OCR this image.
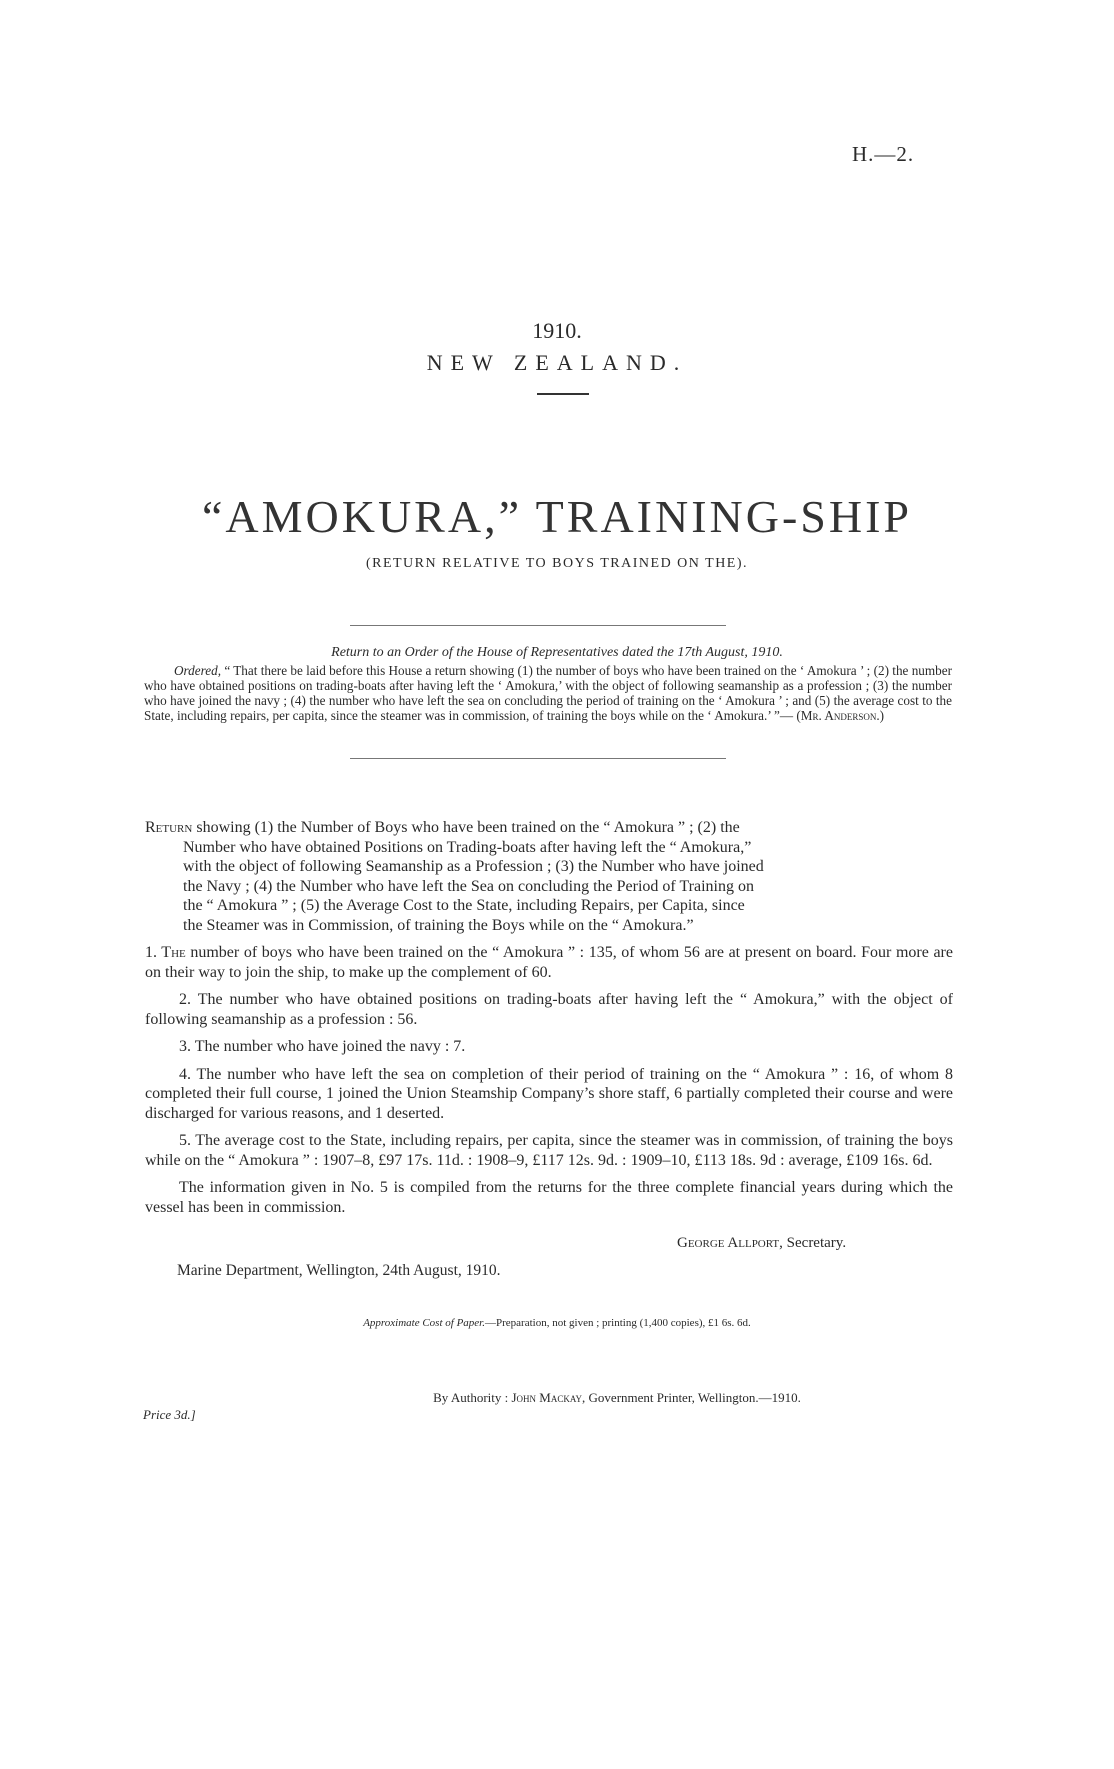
H.—2.
1910.
NEW ZEALAND.
“AMOKURA,” TRAINING-SHIP
(RETURN RELATIVE TO BOYS TRAINED ON THE).
Return to an Order of the House of Representatives dated the 17th August, 1910.
Ordered, “ That there be laid before this House a return showing (1) the number of boys who have been trained on the ‘ Amokura ’ ; (2) the number who have obtained positions on trading-boats after having left the ‘ Amokura,’ with the object of following seamanship as a profession ; (3) the number who have joined the navy ; (4) the number who have left the sea on concluding the period of training on the ‘ Amokura ’ ; and (5) the average cost to the State, including repairs, per capita, since the steamer was in commission, of training the boys while on the ‘ Amokura.’ ”— (Mr. Anderson.)
Return showing (1) the Number of Boys who have been trained on the “ Amokura ” ; (2) the
Number who have obtained Positions on Trading-boats after having left the “ Amokura,”
with the object of following Seamanship as a Profession ; (3) the Number who have joined
the Navy ; (4) the Number who have left the Sea on concluding the Period of Training on
the “ Amokura ” ; (5) the Average Cost to the State, including Repairs, per Capita, since
the Steamer was in Commission, of training the Boys while on the “ Amokura.”
1. The number of boys who have been trained on the “ Amokura ” : 135, of whom 56 are at present on board. Four more are on their way to join the ship, to make up the complement of 60.
2. The number who have obtained positions on trading-boats after having left the “ Amokura,” with the object of following seamanship as a profession : 56.
3. The number who have joined the navy : 7.
4. The number who have left the sea on completion of their period of training on the “ Amokura ” : 16, of whom 8 completed their full course, 1 joined the Union Steamship Company’s shore staff, 6 partially completed their course and were discharged for various reasons, and 1 deserted.
5. The average cost to the State, including repairs, per capita, since the steamer was in commission, of training the boys while on the “ Amokura ” : 1907–8, £97 17s. 11d. : 1908–9, £117 12s. 9d. : 1909–10, £113 18s. 9d : average, £109 16s. 6d.
The information given in No. 5 is compiled from the returns for the three complete financial years during which the vessel has been in commission.
George Allport, Secretary.
Marine Department, Wellington, 24th August, 1910.
Approximate Cost of Paper.—Preparation, not given ; printing (1,400 copies), £1 6s. 6d.
By Authority : John Mackay, Government Printer, Wellington.—1910.
Price 3d.]
